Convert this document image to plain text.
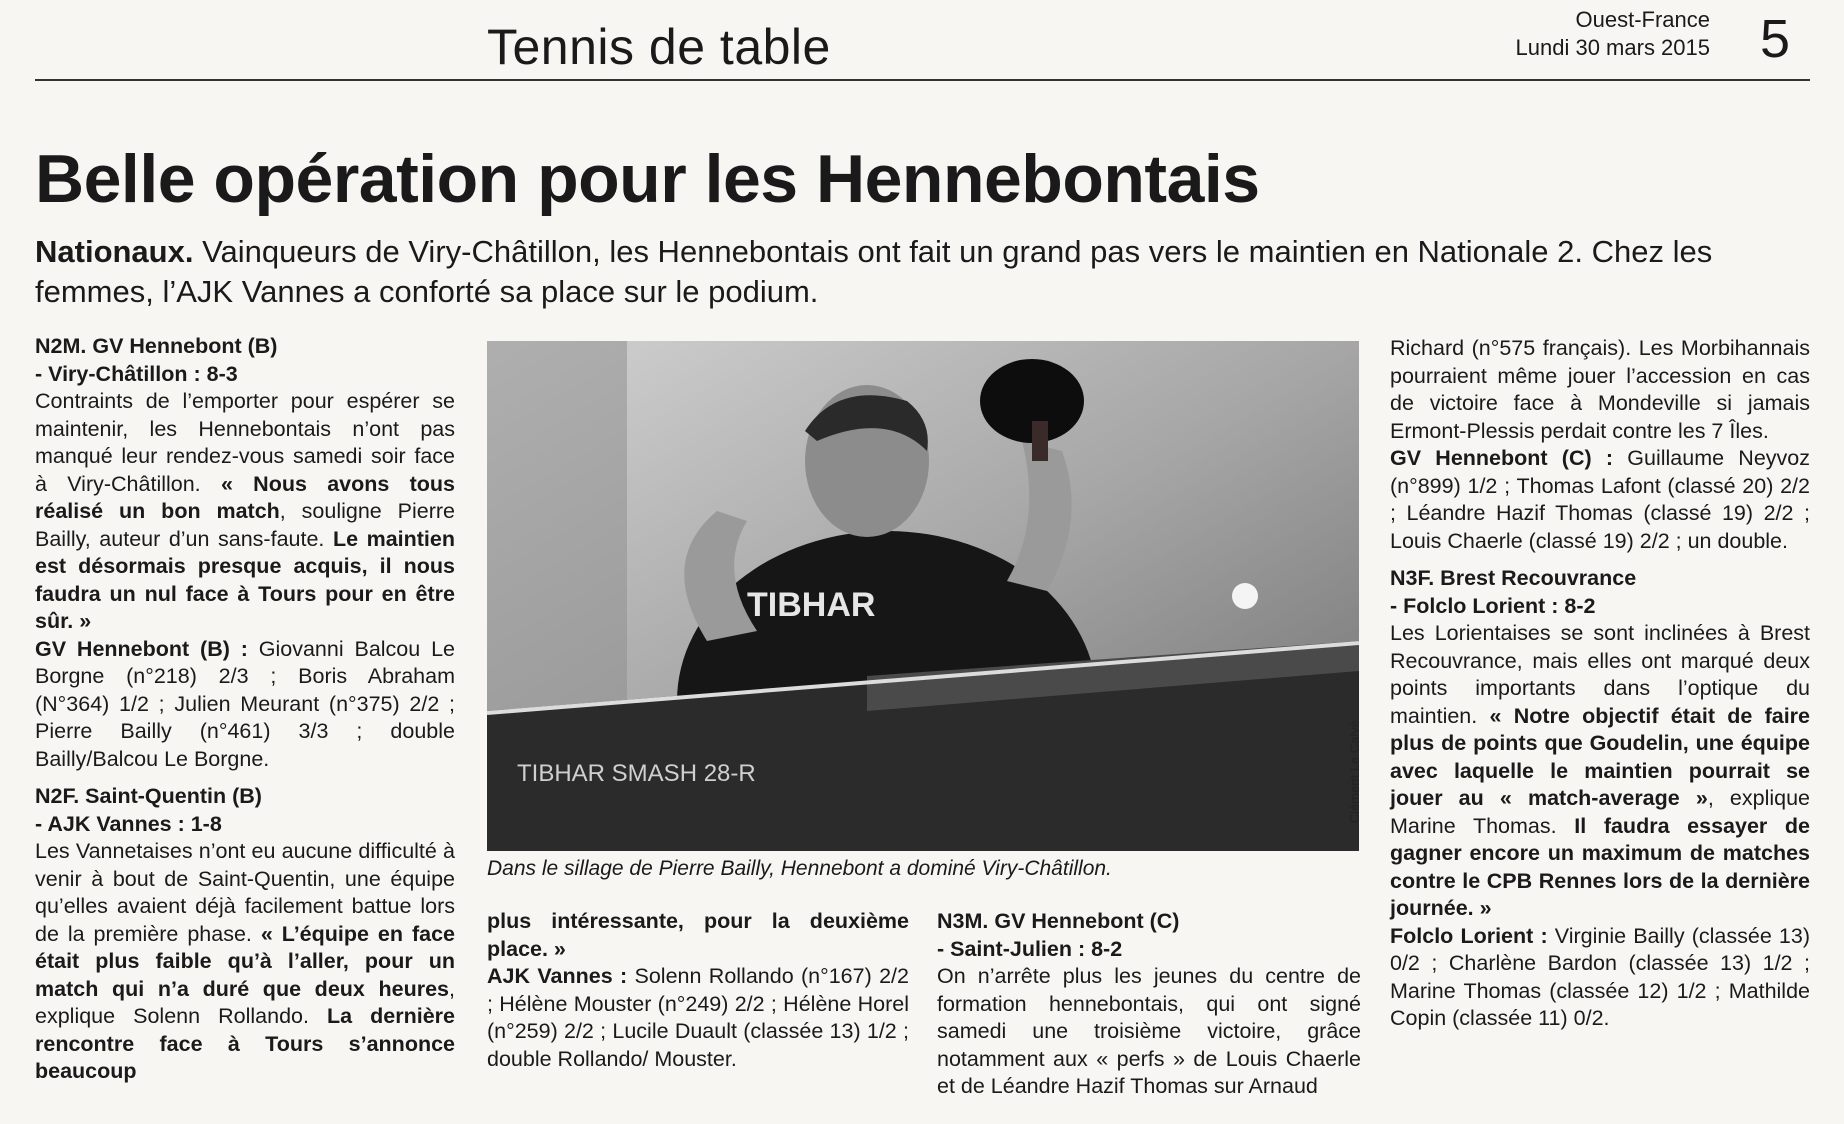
Tennis de table	Ouest-France
Lundi 30 mars 2015 5
Belle opération pour les Hennebontais
Nationaux. Vainqueurs de Viry-Châtillon, les Hennebontais ont fait un grand pas vers le maintien en Nationale 2. Chez les femmes, l’AJK Vannes a conforté sa place sur le podium.

N2M. GV Hennebont (B)

- Viry-Châtillon : 8-3

Contraints de l’emporter pour espérer se maintenir, les Hennebontais n’ont pas manqué leur rendez-vous samedi soir face à Viry-Châtillon. « Nous avons tous réalisé un bon match, souligne Pierre Bailly, auteur d’un sans-faute. Le maintien est désormais presque acquis, il nous faudra un nul face à Tours pour en être sûr. »

GV Hennebont (B) : Giovanni Balcou Le Borgne (n°218) 2/3 ; Boris Abraham (N°364) 1/2 ; Julien Meurant (n°375) 2/2 ; Pierre Bailly (n°461) 3/3 ; double Bailly/Balcou Le Borgne.

N2F. Saint-Quentin (B)

- AJK Vannes : 1-8

Les Vannetaises n’ont eu aucune difficulté à venir à bout de Saint-Quentin, une équipe qu’elles avaient déjà facilement battue lors de la première phase. « L’équipe en face était plus faible qu’à l’aller, pour un match qui n’a duré que deux heures, explique Solenn Rollando. La dernière rencontre face à Tours s’annonce beaucoup

TIBHAR
TIBHAR SMASH 28-R	Clément Le Calvé
Dans le sillage de Pierre Bailly, Hennebont a dominé Viry-Châtillon.

plus intéressante, pour la deuxième place. »

AJK Vannes : Solenn Rollando (n°167) 2/2 ; Hélène Mouster (n°249) 2/2 ; Hélène Horel (n°259) 2/2 ; Lucile Duault (classée 13) 1/2 ; double Rollando/ Mouster.

N3M. GV Hennebont (C)

- Saint-Julien : 8-2

On n’arrête plus les jeunes du centre de formation hennebontais, qui ont signé samedi une troisième victoire, grâce notamment aux « perfs » de Louis Chaerle et de Léandre Hazif Thomas sur Arnaud

Richard (n°575 français). Les Morbihannais pourraient même jouer l’accession en cas de victoire face à Mondeville si jamais Ermont-Plessis perdait contre les 7 Îles.

GV Hennebont (C) : Guillaume Neyvoz (n°899) 1/2 ; Thomas Lafont (classé 20) 2/2 ; Léandre Hazif Thomas (classé 19) 2/2 ; Louis Chaerle (classé 19) 2/2 ; un double.

N3F. Brest Recouvrance

- Folclo Lorient : 8-2

Les Lorientaises se sont inclinées à Brest Recouvrance, mais elles ont marqué deux points importants dans l’optique du maintien. « Notre objectif était de faire plus de points que Goudelin, une équipe avec laquelle le maintien pourrait se jouer au « match-average », explique Marine Thomas. Il faudra essayer de gagner encore un maximum de matches contre le CPB Rennes lors de la dernière journée. »

Folclo Lorient : Virginie Bailly (classée 13) 0/2 ; Charlène Bardon (classée 13) 1/2 ; Marine Thomas (classée 12) 1/2 ; Mathilde Copin (classée 11) 0/2.
